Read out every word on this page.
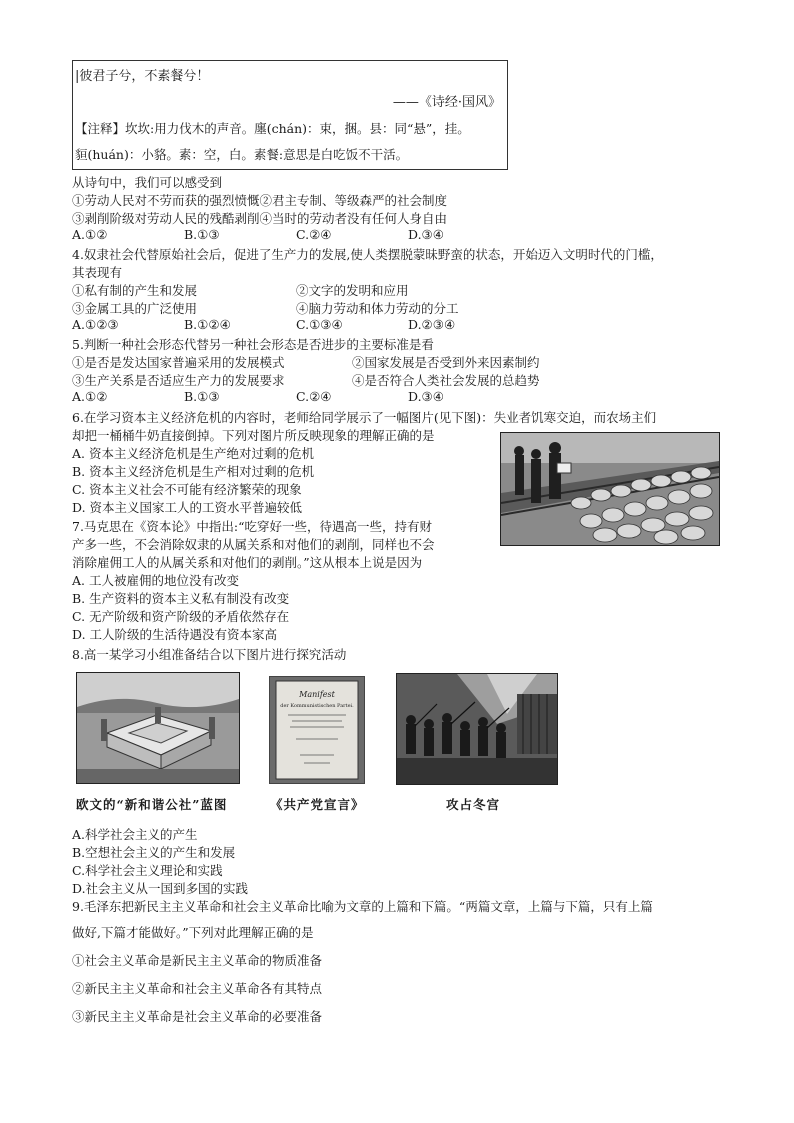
|彼君子兮，不素餐兮！
——《诗经·国风》
【注释】坎坎:用力伐木的声音。廛(chán)：束，捆。县：同“悬”，挂。
貆(huán)：小貉。素：空，白。素餐:意思是白吃饭不干活。
从诗句中，我们可以感受到
①劳动人民对不劳而获的强烈愤慨②君主专制、等级森严的社会制度
③剥削阶级对劳动人民的残酷剥削④当时的劳动者没有任何人身自由
A.①②	B.①③	C.②④	D.③④
4.奴隶社会代替原始社会后，促进了生产力的发展,使人类摆脱蒙昧野蛮的状态，开始迈入文明时代的门槛，
其表现有
①私有制的产生和发展	②文字的发明和应用
③金属工具的广泛使用	④脑力劳动和体力劳动的分工
A.①②③	B.①②④	C.①③④	D.②③④
5.判断一种社会形态代替另一种社会形态是否进步的主要标准是看
①是否是发达国家普遍采用的发展模式	②国家发展是否受到外来因素制约
③生产关系是否适应生产力的发展要求	④是否符合人类社会发展的总趋势
A.①②	B.①③	C.②④	D.③④
6.在学习资本主义经济危机的内容时，老师给同学展示了一幅图片(见下图)：失业者饥寒交迫，而农场主们
却把一桶桶牛奶直接倒掉。下列对图片所反映现象的理解正确的是
A. 资本主义经济危机是生产绝对过剩的危机
B. 资本主义经济危机是生产相对过剩的危机
C. 资本主义社会不可能有经济繁荣的现象
D. 资本主义国家工人的工资水平普遍较低
7.马克思在《资本论》中指出:“吃穿好一些，待遇高一些，持有财
产多一些，不会消除奴隶的从属关系和对他们的剥削，同样也不会
消除雇佣工人的从属关系和对他们的剥削。”这从根本上说是因为
A. 工人被雇佣的地位没有改变
B. 生产资料的资本主义私有制没有改变
C. 无产阶级和资产阶级的矛盾依然存在
D. 工人阶级的生活待遇没有资本家高
8.高一某学习小组准备结合以下图片进行探究活动
Manifest
der Kommunistischen Partei.
欧文的“新和谐公社”蓝图	《共产党宣言》	攻占冬宫
A.科学社会主义的产生
B.空想社会主义的产生和发展
C.科学社会主义理论和实践
D.社会主义从一国到多国的实践
9.毛泽东把新民主主义革命和社会主义革命比喻为文章的上篇和下篇。“两篇文章，上篇与下篇，只有上篇
做好,下篇才能做好。”下列对此理解正确的是
①社会主义革命是新民主主义革命的物质准备
②新民主主义革命和社会主义革命各有其特点
③新民主主义革命是社会主义革命的必要准备
